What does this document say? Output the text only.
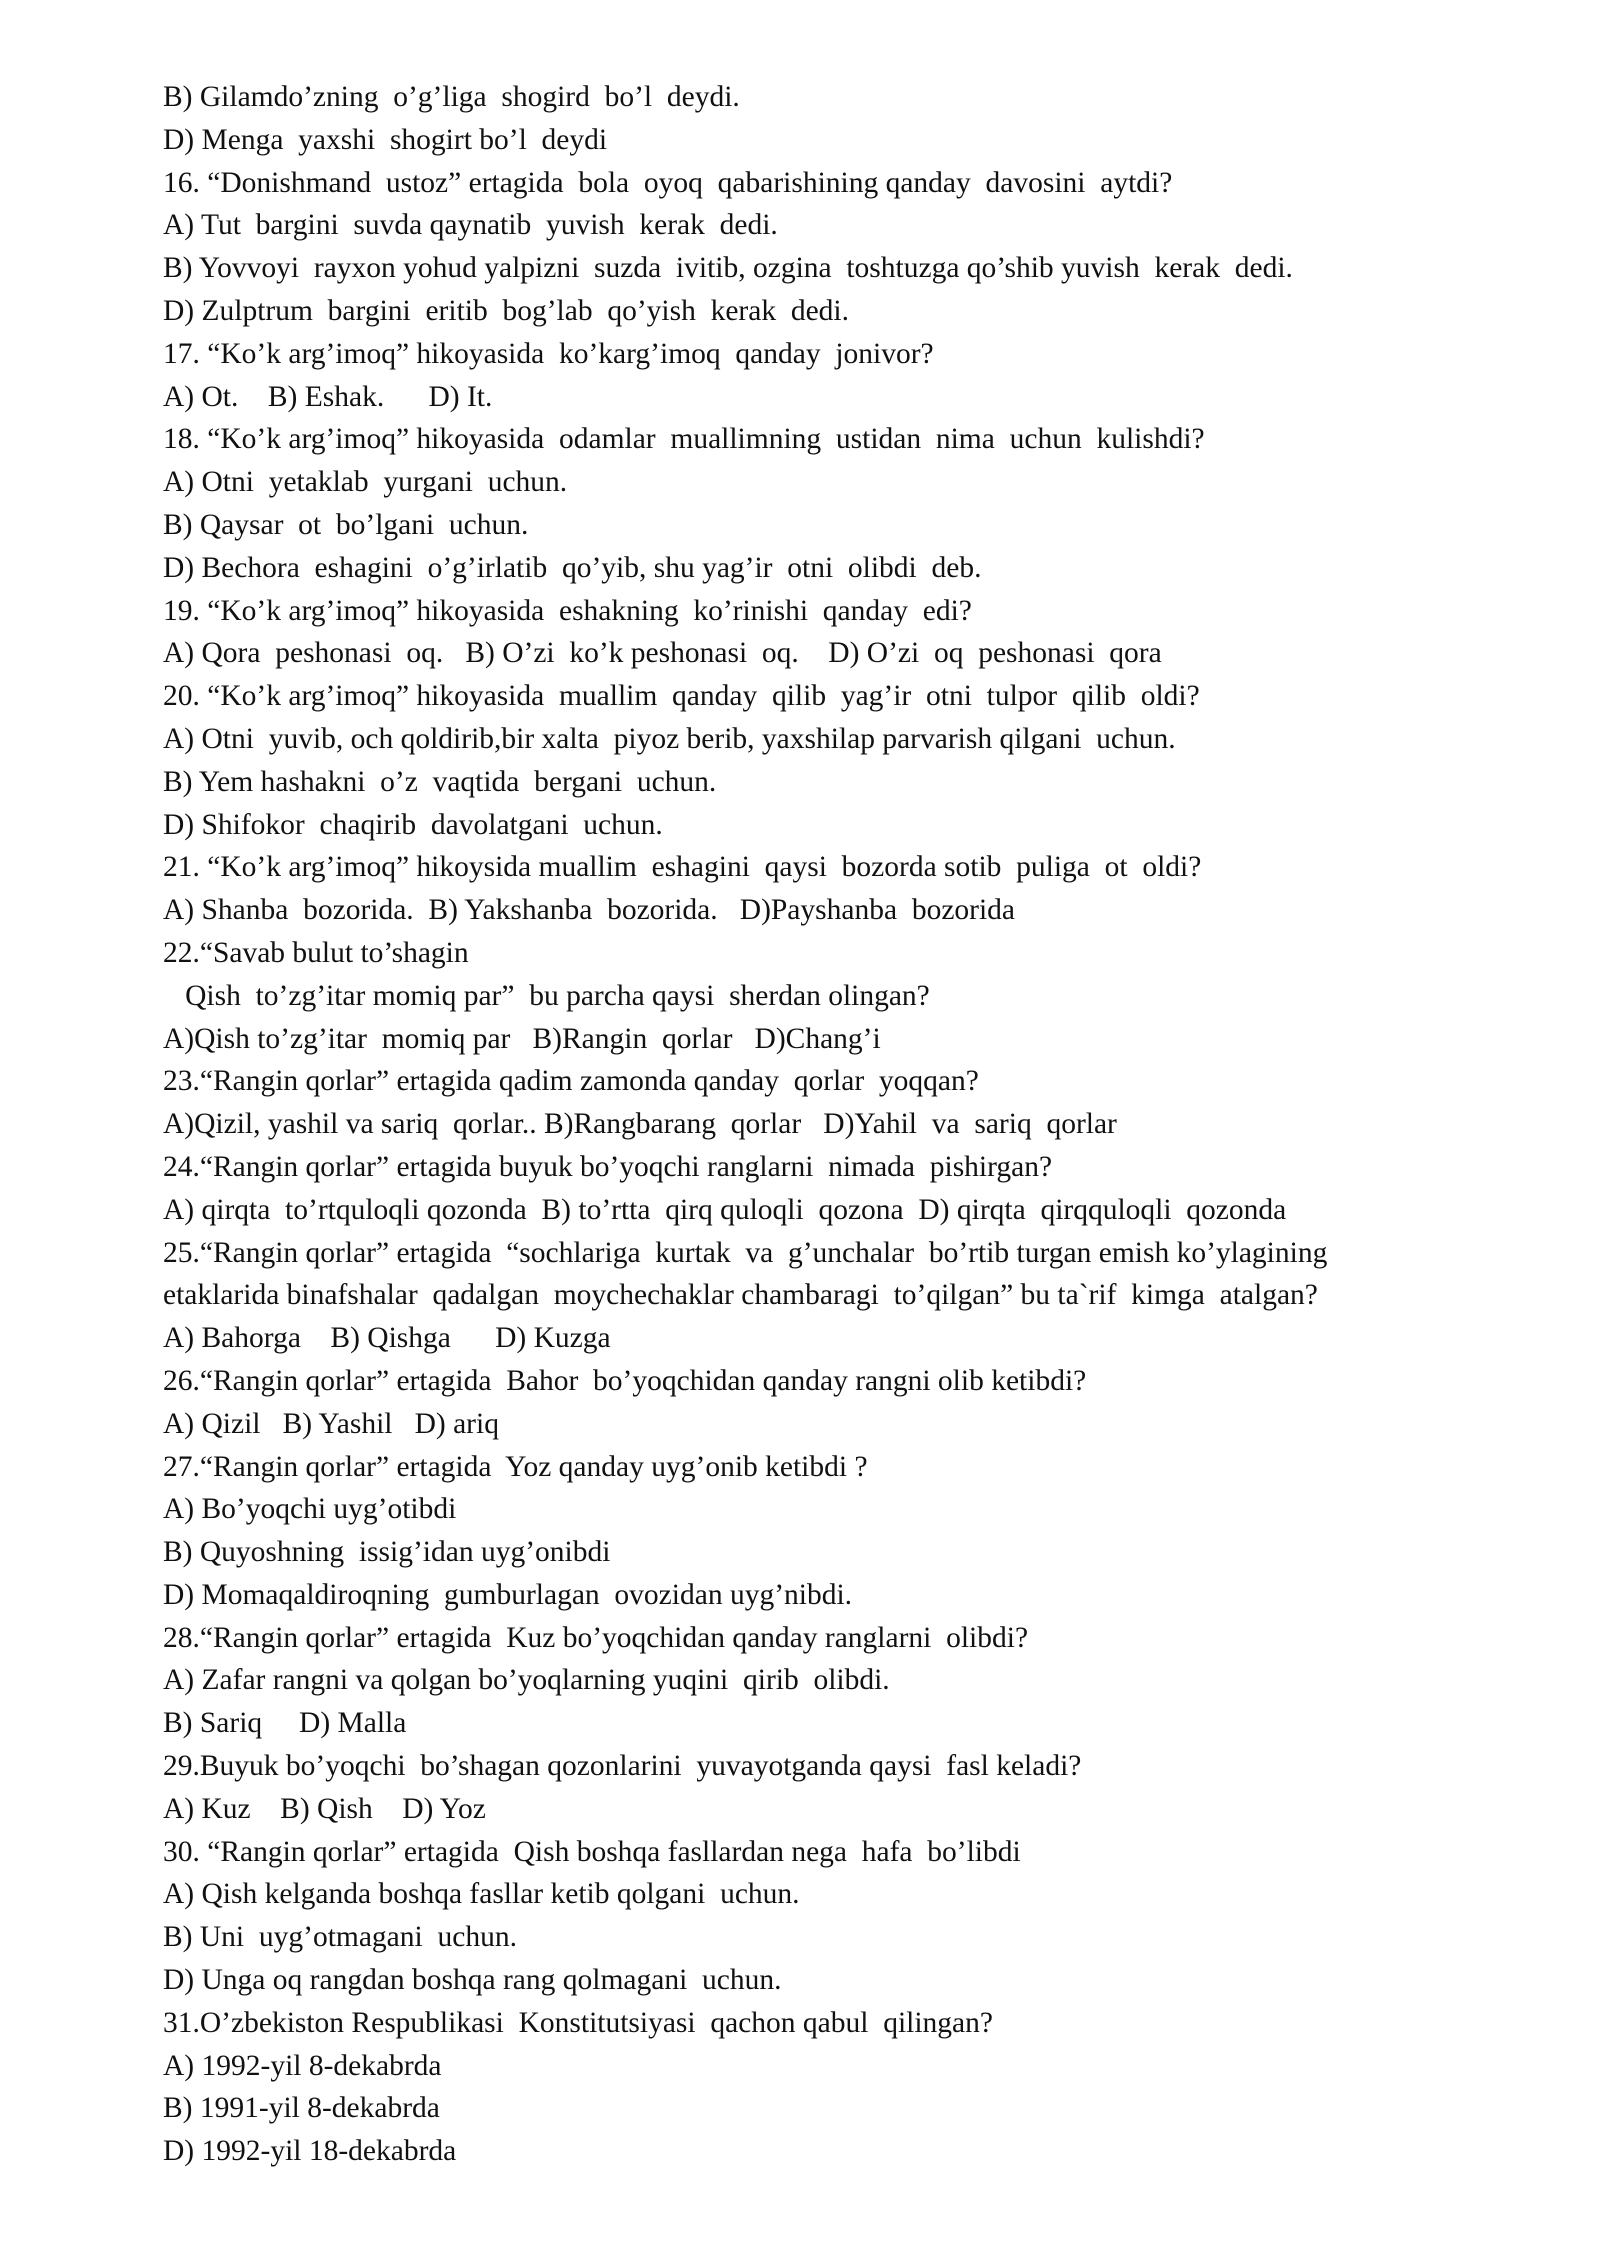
B) Gilamdo’zning  o’g’liga  shogird  bo’l  deydi.
D) Menga  yaxshi  shogirt bo’l  deydi
16. “Donishmand  ustoz” ertagida  bola  oyoq  qabarishining qanday  davosini  aytdi?
A) Tut  bargini  suvda qaynatib  yuvish  kerak  dedi.
B) Yovvoyi  rayxon yohud yalpizni  suzda  ivitib, ozgina  toshtuzga qo’shib yuvish  kerak  dedi.
D) Zulptrum  bargini  eritib  bog’lab  qo’yish  kerak  dedi.
17. “Ko’k arg’imoq” hikoyasida  ko’karg’imoq  qanday  jonivor?
A) Ot.    B) Eshak.      D) It.
18. “Ko’k arg’imoq” hikoyasida  odamlar  muallimning  ustidan  nima  uchun  kulishdi?
A) Otni  yetaklab  yurgani  uchun.
B) Qaysar  ot  bo’lgani  uchun.
D) Bechora  eshagini  o’g’irlatib  qo’yib, shu yag’ir  otni  olibdi  deb.
19. “Ko’k arg’imoq” hikoyasida  eshakning  ko’rinishi  qanday  edi?
A) Qora  peshonasi  oq.   B) O’zi  ko’k peshonasi  oq.    D) O’zi  oq  peshonasi  qora
20. “Ko’k arg’imoq” hikoyasida  muallim  qanday  qilib  yag’ir  otni  tulpor  qilib  oldi?
A) Otni  yuvib, och qoldirib,bir xalta  piyoz berib, yaxshilap parvarish qilgani  uchun.
B) Yem hashakni  o’z  vaqtida  bergani  uchun.
D) Shifokor  chaqirib  davolatgani  uchun.
21. “Ko’k arg’imoq” hikoysida muallim  eshagini  qaysi  bozorda sotib  puliga  ot  oldi?
A) Shanba  bozorida.  B) Yakshanba  bozorida.   D)Payshanba  bozorida
22.“Savab bulut to’shagin
Qish  to’zg’itar momiq par”  bu parcha qaysi  sherdan olingan?
A)Qish to’zg’itar  momiq par   B)Rangin  qorlar   D)Chang’i
23.“Rangin qorlar” ertagida qadim zamonda qanday  qorlar  yoqqan?
A)Qizil, yashil va sariq  qorlar.. B)Rangbarang  qorlar   D)Yahil  va  sariq  qorlar
24.“Rangin qorlar” ertagida buyuk bo’yoqchi ranglarni  nimada  pishirgan?
A) qirqta  to’rtquloqli qozonda  B) to’rtta  qirq quloqli  qozona  D) qirqta  qirqquloqli  qozonda
25.“Rangin qorlar” ertagida  “sochlariga  kurtak  va  g’unchalar  bo’rtib turgan emish ko’ylagining
etaklarida binafshalar  qadalgan  moychechaklar chambaragi  to’qilgan” bu ta`rif  kimga  atalgan?
A) Bahorga    B) Qishga      D) Kuzga
26.“Rangin qorlar” ertagida  Bahor  bo’yoqchidan qanday rangni olib ketibdi?
A) Qizil   B) Yashil   D) ariq
27.“Rangin qorlar” ertagida  Yoz qanday uyg’onib ketibdi ?
A) Bo’yoqchi uyg’otibdi
B) Quyoshning  issig’idan uyg’onibdi
D) Momaqaldiroqning  gumburlagan  ovozidan uyg’nibdi.
28.“Rangin qorlar” ertagida  Kuz bo’yoqchidan qanday ranglarni  olibdi?
A) Zafar rangni va qolgan bo’yoqlarning yuqini  qirib  olibdi.
B) Sariq     D) Malla
29.Buyuk bo’yoqchi  bo’shagan qozonlarini  yuvayotganda qaysi  fasl keladi?
A) Kuz    B) Qish    D) Yoz
30. “Rangin qorlar” ertagida  Qish boshqa fasllardan nega  hafa  bo’libdi
A) Qish kelganda boshqa fasllar ketib qolgani  uchun.
B) Uni  uyg’otmagani  uchun.
D) Unga oq rangdan boshqa rang qolmagani  uchun.
31.O’zbekiston Respublikasi  Konstitutsiyasi  qachon qabul  qilingan?
A) 1992-yil 8-dekabrda
B) 1991-yil 8-dekabrda
D) 1992-yil 18-dekabrda
